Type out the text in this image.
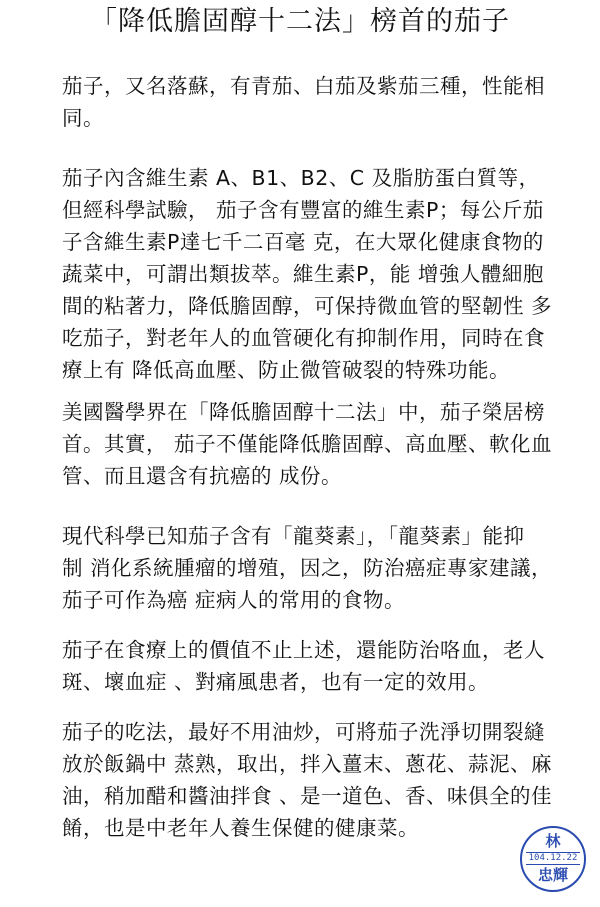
「降低膽固醇十二法」榜首的茄子
茄子，又名落蘇，有青茄、白茄及紫茄三種，性能相
同。
茄子內含維生素 A、B1、B2、C 及脂肪蛋白質等，
但經科學試驗， 茄子含有豐富的維生素P；每公斤茄
子含維生素P達七千二百毫 克，在大眾化健康食物的
蔬菜中，可謂出類拔萃。維生素P，能 增強人體細胞
間的粘著力，降低膽固醇，可保持微血管的堅韌性 多
吃茄子，對老年人的血管硬化有抑制作用，同時在食
療上有 降低高血壓、防止微管破裂的特殊功能。
美國醫學界在「降低膽固醇十二法」中，茄子榮居榜
首。其實， 茄子不僅能降低膽固醇、高血壓、軟化血
管、而且還含有抗癌的 成份。
現代科學已知茄子含有「龍葵素」，「龍葵素」能抑
制 消化系統腫瘤的增殖，因之，防治癌症專家建議，
茄子可作為癌 症病人的常用的食物。
茄子在食療上的價值不止上述，還能防治咯血，老人
斑、壞血症 、對痛風患者，也有一定的效用。
茄子的吃法，最好不用油炒，可將茄子洗淨切開裂縫
放於飯鍋中 蒸熟，取出，拌入薑末、蔥花、蒜泥、麻
油，稍加醋和醬油拌食 、是一道色、香、味俱全的佳
餚，也是中老年人養生保健的健康菜。
林
104.12.22
忠輝
